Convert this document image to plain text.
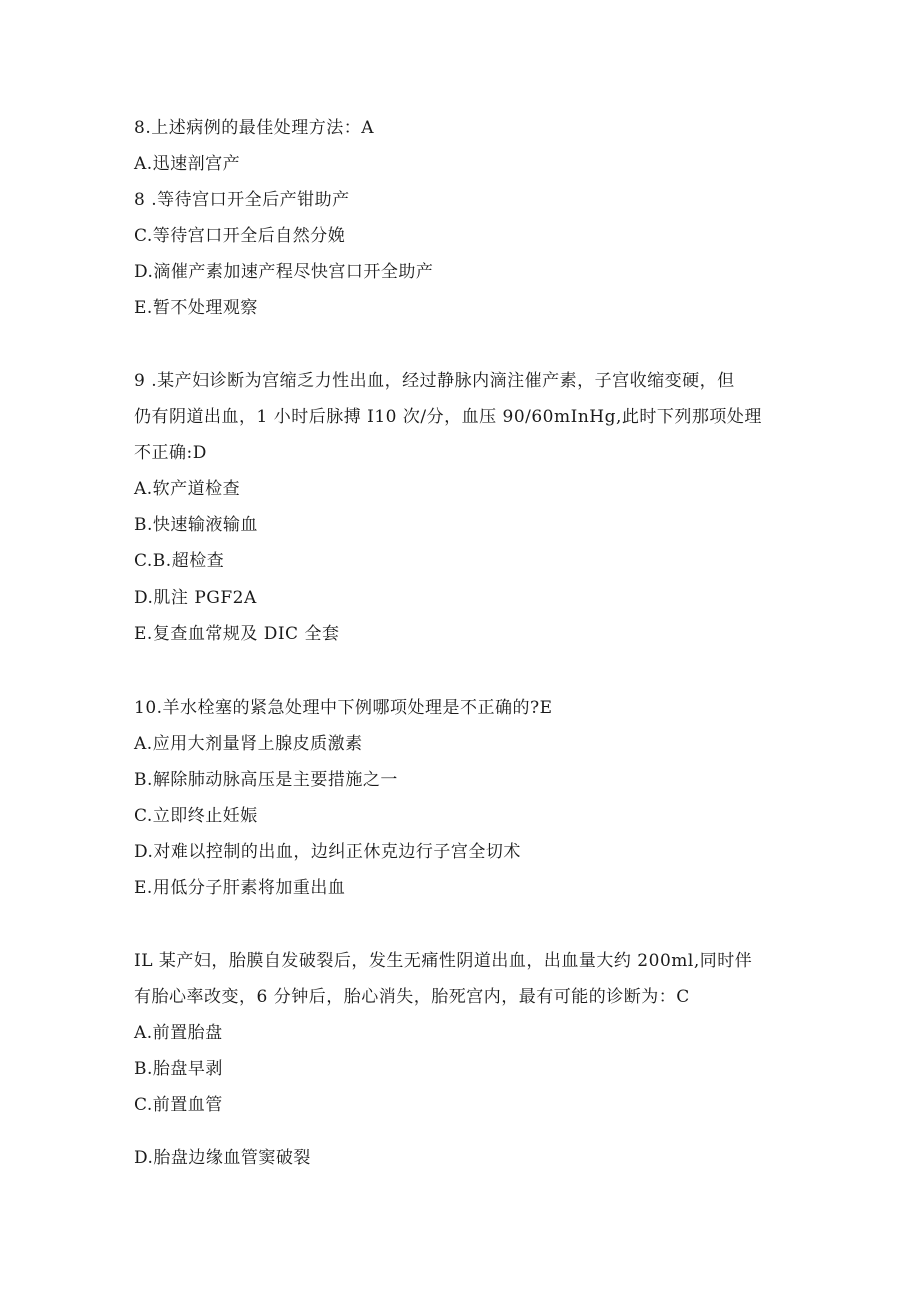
8.上述病例的最佳处理方法：A
A.迅速剖宫产
8 .等待宫口开全后产钳助产
C.等待宫口开全后自然分娩
D.滴催产素加速产程尽快宫口开全助产
E.暂不处理观察
9 .某产妇诊断为宫缩乏力性出血，经过静脉内滴注催产素，子宫收缩变硬，但
仍有阴道出血，1 小时后脉搏 I10 次/分，血压 90/60mInHg,此时下列那项处理
不正确:D
A.软产道检查
B.快速输液输血
C.B.超检查
D.肌注 PGF2A
E.复查血常规及 DIC 全套
10.羊水栓塞的紧急处理中下例哪项处理是不正确的?E
A.应用大剂量肾上腺皮质激素
B.解除肺动脉高压是主要措施之一
C.立即终止妊娠
D.对难以控制的出血，边纠正休克边行子宫全切术
E.用低分子肝素将加重出血
IL 某产妇，胎膜自发破裂后，发生无痛性阴道出血，出血量大约 200ml,同时伴
有胎心率改变，6 分钟后，胎心消失，胎死宫内，最有可能的诊断为：C
A.前置胎盘
B.胎盘早剥
C.前置血管
D.胎盘边缘血管窦破裂
